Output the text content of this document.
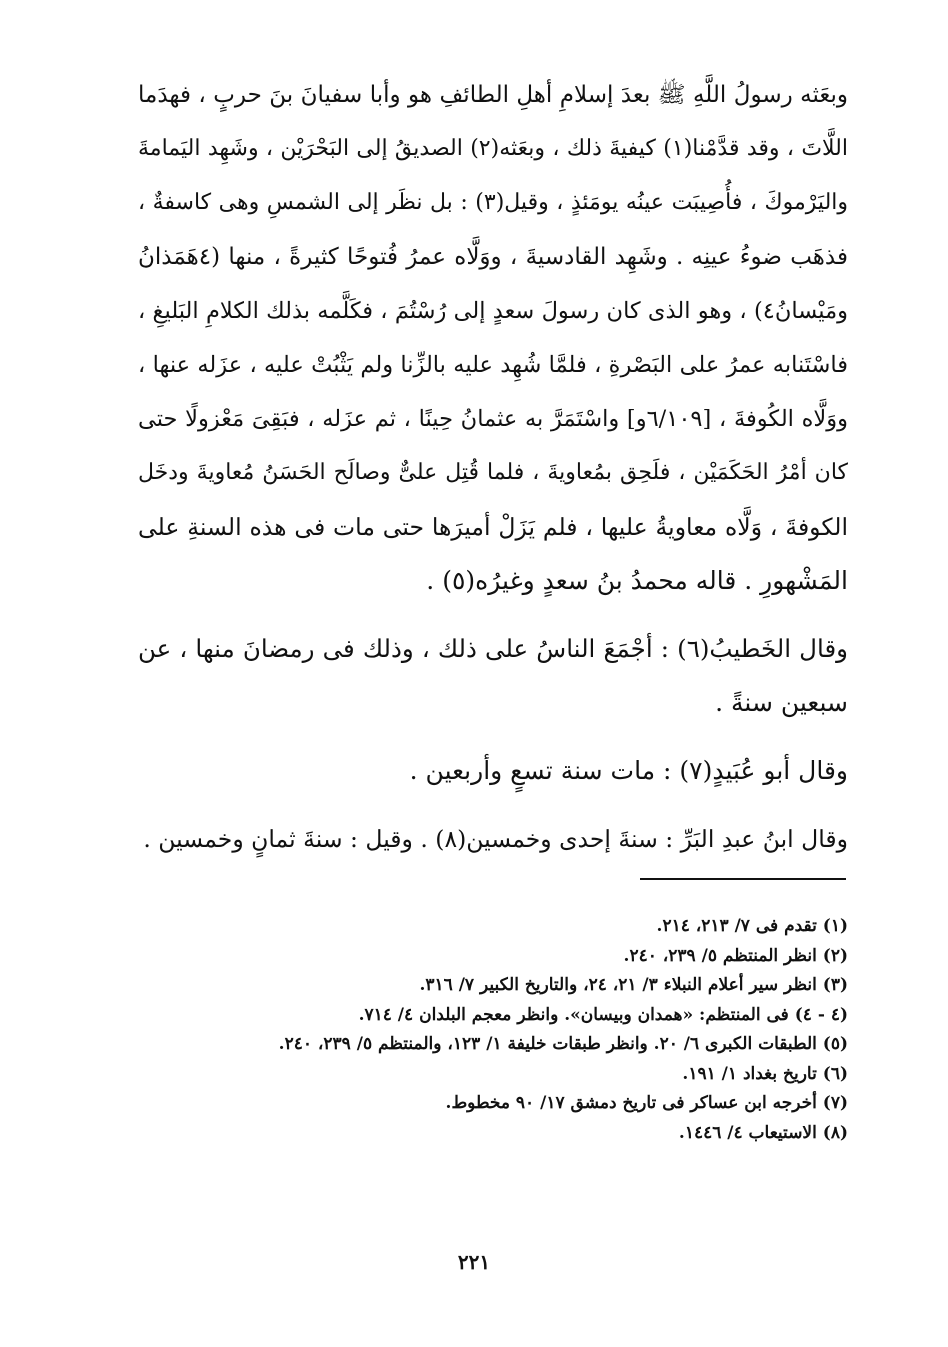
وبعَثه رسولُ اللَّهِ ﷺ بعدَ إسلامِ أهلِ الطائفِ هو وأبا سفيانَ بنَ حربٍ ، فهدَما
اللَّاتَ ، وقد قدَّمْنا(١) كيفيةَ ذلك ، وبعَثه(٢) الصديقُ إلى البَحْرَيْن ، وشَهِد اليَمامةَ
واليَرْموكَ ، فأُصِيبَت عينُه يومَئذٍ ، وقيل(٣) : بل نظَر إلى الشمسِ وهى كاسفةٌ ،
فذهَب ضوءُ عينِه . وشَهِد القادسيةَ ، ووَلَّاه عمرُ فُتوحًا كثيرةً ، منها (٤هَمَذانُ
ومَيْسانُ٤) ، وهو الذى كان رسولَ سعدٍ إلى رُسْتُمَ ، فكَلَّمه بذلك الكلامِ البَليغِ ،
فاسْتَنابه عمرُ على البَصْرةِ ، فلمَّا شُهِد عليه بالزِّنا ولم يَثْبُتْ عليه ، عزَله عنها ،
ووَلَّاه الكُوفةَ ، [٦/١٠٩و] واسْتَمَرَّ به عثمانُ حِينًا ، ثم عزَله ، فبَقِىَ مَعْزولًا حتى
كان أمْرُ الحَكَمَيْن ، فلَحِق بمُعاويةَ ، فلما قُتِل علىٌّ وصالَح الحَسَنُ مُعاويةَ ودخَل
الكوفةَ ، وَلَّاه معاويةُ عليها ، فلم يَزَلْ أميرَها حتى مات فى هذه السنةِ على
المَشْهورِ . قاله محمدُ بنُ سعدٍ وغيرُه(٥) .
وقال الخَطيبُ(٦) : أجْمَعَ الناسُ على ذلك ، وذلك فى رمضانَ منها ، عن
سبعين سنةً .
وقال أبو عُبَيدٍ(٧) : مات سنة تسعٍ وأربعين .
وقال ابنُ عبدِ البَرِّ : سنةَ إحدى وخمسين(٨) . وقيل : سنةَ ثمانٍ وخمسين .
(١) تقدم فى ٧/ ٢١٣، ٢١٤.
(٢) انظر المنتظم ٥/ ٢٣٩، ٢٤٠.
(٣) انظر سير أعلام النبلاء ٣/ ٢١، ٢٤، والتاريخ الكبير ٧/ ٣١٦.
(٤ - ٤) فى المنتظم: «همدان وبيسان». وانظر معجم البلدان ٤/ ٧١٤.
(٥) الطبقات الكبرى ٦/ ٢٠. وانظر طبقات خليفة ١/ ١٢٣، والمنتظم ٥/ ٢٣٩، ٢٤٠.
(٦) تاريخ بغداد ١/ ١٩١.
(٧) أخرجه ابن عساكر فى تاريخ دمشق ١٧/ ٩٠ مخطوط.
(٨) الاستيعاب ٤/ ١٤٤٦.
٢٢١
